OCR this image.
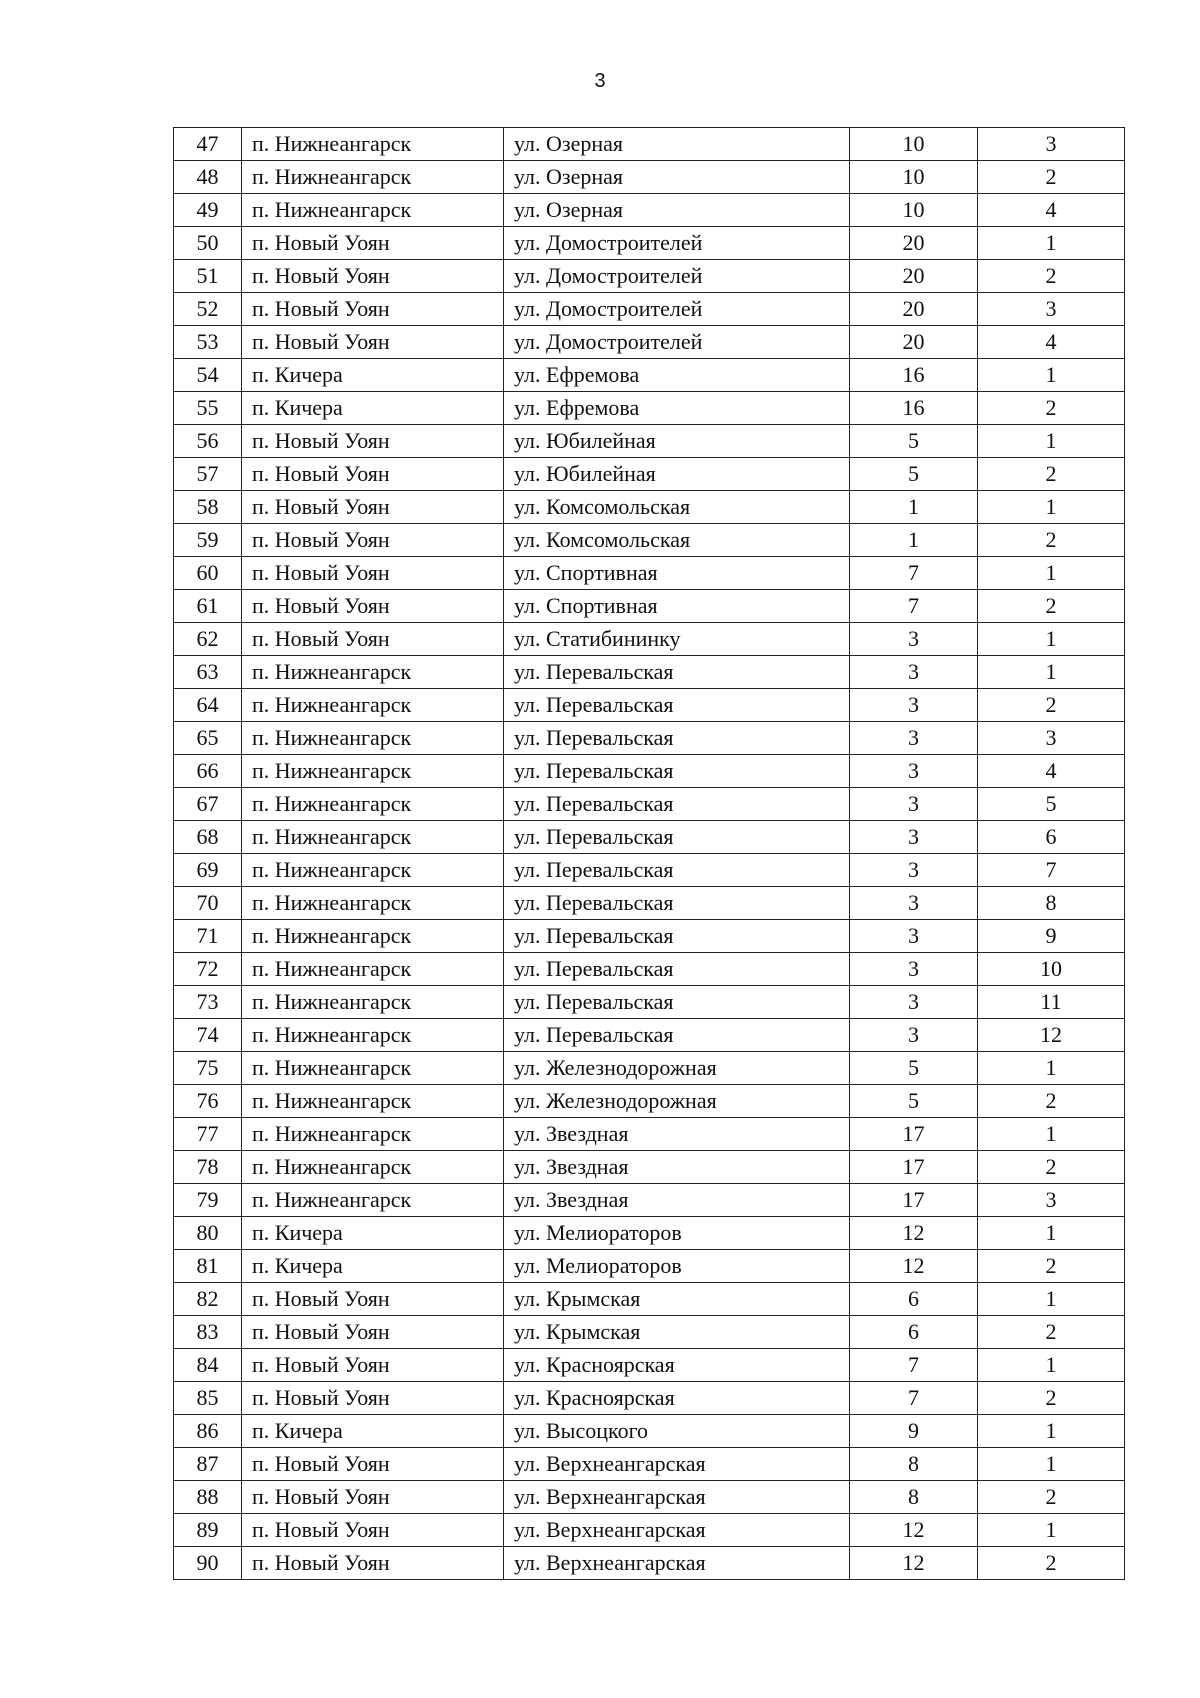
3
47	п. Нижнеангарск	ул. Озерная	10	3
48	п. Нижнеангарск	ул. Озерная	10	2
49	п. Нижнеангарск	ул. Озерная	10	4
50	п. Новый Уоян	ул. Домостроителей	20	1
51	п. Новый Уоян	ул. Домостроителей	20	2
52	п. Новый Уоян	ул. Домостроителей	20	3
53	п. Новый Уоян	ул. Домостроителей	20	4
54	п. Кичера	ул. Ефремова	16	1
55	п. Кичера	ул. Ефремова	16	2
56	п. Новый Уоян	ул. Юбилейная	5	1
57	п. Новый Уоян	ул. Юбилейная	5	2
58	п. Новый Уоян	ул. Комсомольская	1	1
59	п. Новый Уоян	ул. Комсомольская	1	2
60	п. Новый Уоян	ул. Спортивная	7	1
61	п. Новый Уоян	ул. Спортивная	7	2
62	п. Новый Уоян	ул. Статибининку	3	1
63	п. Нижнеангарск	ул. Перевальская	3	1
64	п. Нижнеангарск	ул. Перевальская	3	2
65	п. Нижнеангарск	ул. Перевальская	3	3
66	п. Нижнеангарск	ул. Перевальская	3	4
67	п. Нижнеангарск	ул. Перевальская	3	5
68	п. Нижнеангарск	ул. Перевальская	3	6
69	п. Нижнеангарск	ул. Перевальская	3	7
70	п. Нижнеангарск	ул. Перевальская	3	8
71	п. Нижнеангарск	ул. Перевальская	3	9
72	п. Нижнеангарск	ул. Перевальская	3	10
73	п. Нижнеангарск	ул. Перевальская	3	11
74	п. Нижнеангарск	ул. Перевальская	3	12
75	п. Нижнеангарск	ул. Железнодорожная	5	1
76	п. Нижнеангарск	ул. Железнодорожная	5	2
77	п. Нижнеангарск	ул. Звездная	17	1
78	п. Нижнеангарск	ул. Звездная	17	2
79	п. Нижнеангарск	ул. Звездная	17	3
80	п. Кичера	ул. Мелиораторов	12	1
81	п. Кичера	ул. Мелиораторов	12	2
82	п. Новый Уоян	ул. Крымская	6	1
83	п. Новый Уоян	ул. Крымская	6	2
84	п. Новый Уоян	ул. Красноярская	7	1
85	п. Новый Уоян	ул. Красноярская	7	2
86	п. Кичера	ул. Высоцкого	9	1
87	п. Новый Уоян	ул. Верхнеангарская	8	1
88	п. Новый Уоян	ул. Верхнеангарская	8	2
89	п. Новый Уоян	ул. Верхнеангарская	12	1
90	п. Новый Уоян	ул. Верхнеангарская	12	2
